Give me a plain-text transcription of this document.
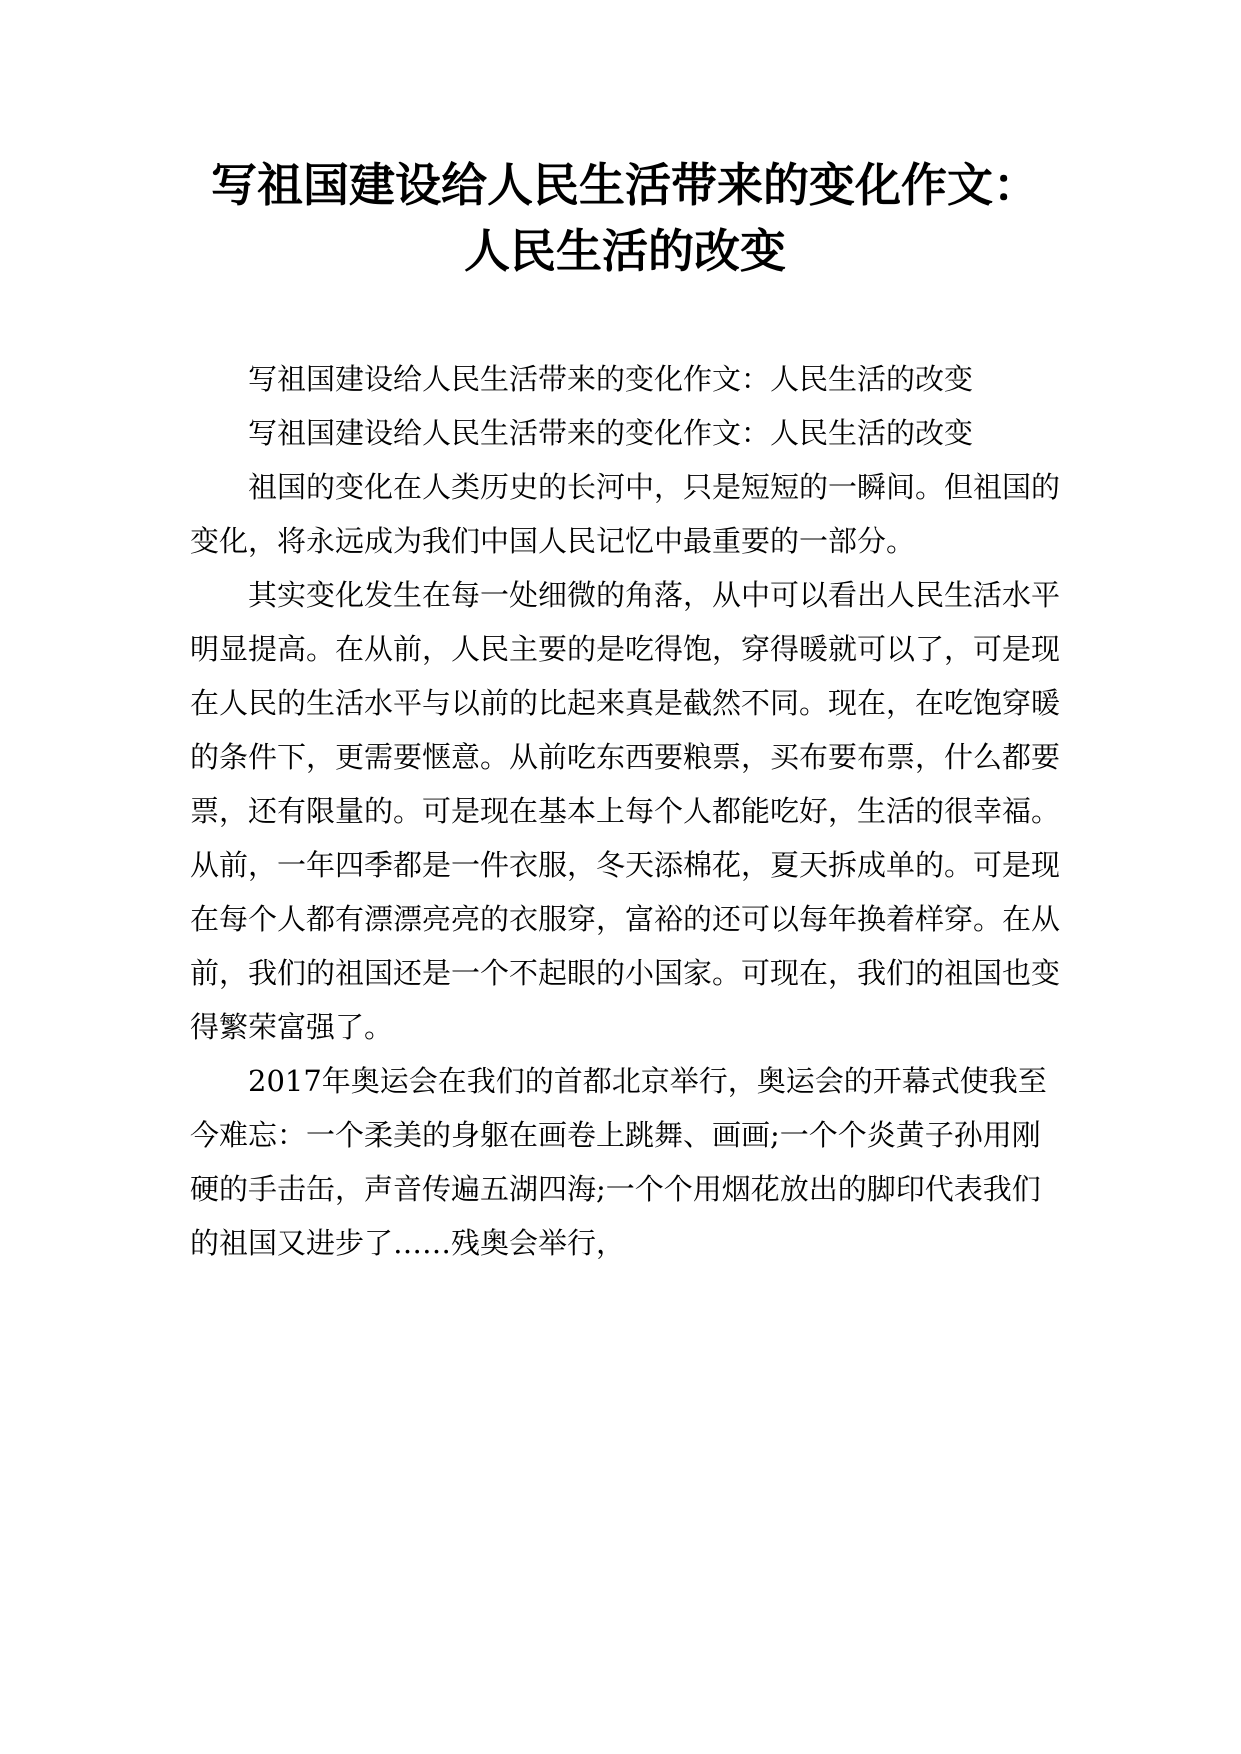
写祖国建设给人民生活带来的变化作文：人民生活的改变

写祖国建设给人民生活带来的变化作文：人民生活的改变

写祖国建设给人民生活带来的变化作文：人民生活的改变

祖国的变化在人类历史的长河中，只是短短的一瞬间。但祖国的变化，将永远成为我们中国人民记忆中最重要的一部分。

其实变化发生在每一处细微的角落，从中可以看出人民生活水平明显提高。在从前，人民主要的是吃得饱，穿得暖就可以了，可是现在人民的生活水平与以前的比起来真是截然不同。现在，在吃饱穿暖的条件下，更需要惬意。从前吃东西要粮票，买布要布票，什么都要票，还有限量的。可是现在基本上每个人都能吃好，生活的很幸福。从前，一年四季都是一件衣服，冬天添棉花，夏天拆成单的。可是现在每个人都有漂漂亮亮的衣服穿，富裕的还可以每年换着样穿。在从前，我们的祖国还是一个不起眼的小国家。可现在，我们的祖国也变得繁荣富强了。

2017年奥运会在我们的首都北京举行，奥运会的开幕式使我至今难忘：一个柔美的身躯在画卷上跳舞、画画;一个个炎黄子孙用刚硬的手击缶，声音传遍五湖四海;一个个用烟花放出的脚印代表我们的祖国又进步了……残奥会举行，
